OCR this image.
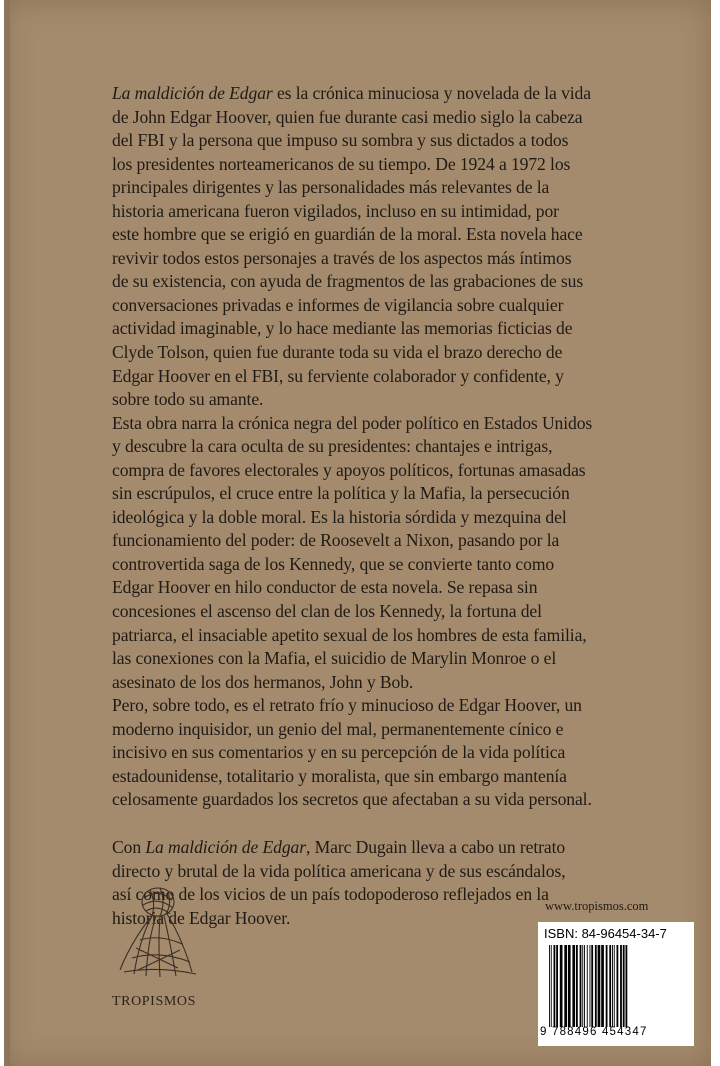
La maldición de Edgar es la crónica minuciosa y novelada de la vida
de John Edgar Hoover, quien fue durante casi medio siglo la cabeza
del FBI y la persona que impuso su sombra y sus dictados a todos
los presidentes norteamericanos de su tiempo. De 1924 a 1972 los
principales dirigentes y las personalidades más relevantes de la
historia americana fueron vigilados, incluso en su intimidad, por
este hombre que se erigió en guardián de la moral. Esta novela hace
revivir todos estos personajes a través de los aspectos más íntimos
de su existencia, con ayuda de fragmentos de las grabaciones de sus
conversaciones privadas e informes de vigilancia sobre cualquier
actividad imaginable, y lo hace mediante las memorias ficticias de
Clyde Tolson, quien fue durante toda su vida el brazo derecho de
Edgar Hoover en el FBI, su ferviente colaborador y confidente, y
sobre todo su amante.
Esta obra narra la crónica negra del poder político en Estados Unidos
y descubre la cara oculta de su presidentes: chantajes e intrigas,
compra de favores electorales y apoyos políticos, fortunas amasadas
sin escrúpulos, el cruce entre la política y la Mafia, la persecución
ideológica y la doble moral. Es la historia sórdida y mezquina del
funcionamiento del poder: de Roosevelt a Nixon, pasando por la
controvertida saga de los Kennedy, que se convierte tanto como
Edgar Hoover en hilo conductor de esta novela. Se repasa sin
concesiones el ascenso del clan de los Kennedy, la fortuna del
patriarca, el insaciable apetito sexual de los hombres de esta familia,
las conexiones con la Mafia, el suicidio de Marylin Monroe o el
asesinato de los dos hermanos, John y Bob.
Pero, sobre todo, es el retrato frío y minucioso de Edgar Hoover, un
moderno inquisidor, un genio del mal, permanentemente cínico e
incisivo en sus comentarios y en su percepción de la vida política
estadounidense, totalitario y moralista, que sin embargo mantenía
celosamente guardados los secretos que afectaban a su vida personal.
Con La maldición de Edgar, Marc Dugain lleva a cabo un retrato
directo y brutal de la vida política americana y de sus escándalos,
así como de los vicios de un país todopoderoso reflejados en la
historia de Edgar Hoover.
TROPISMOS
www.tropismos.com
ISBN: 84-96454-34-7
9 788496 454347
